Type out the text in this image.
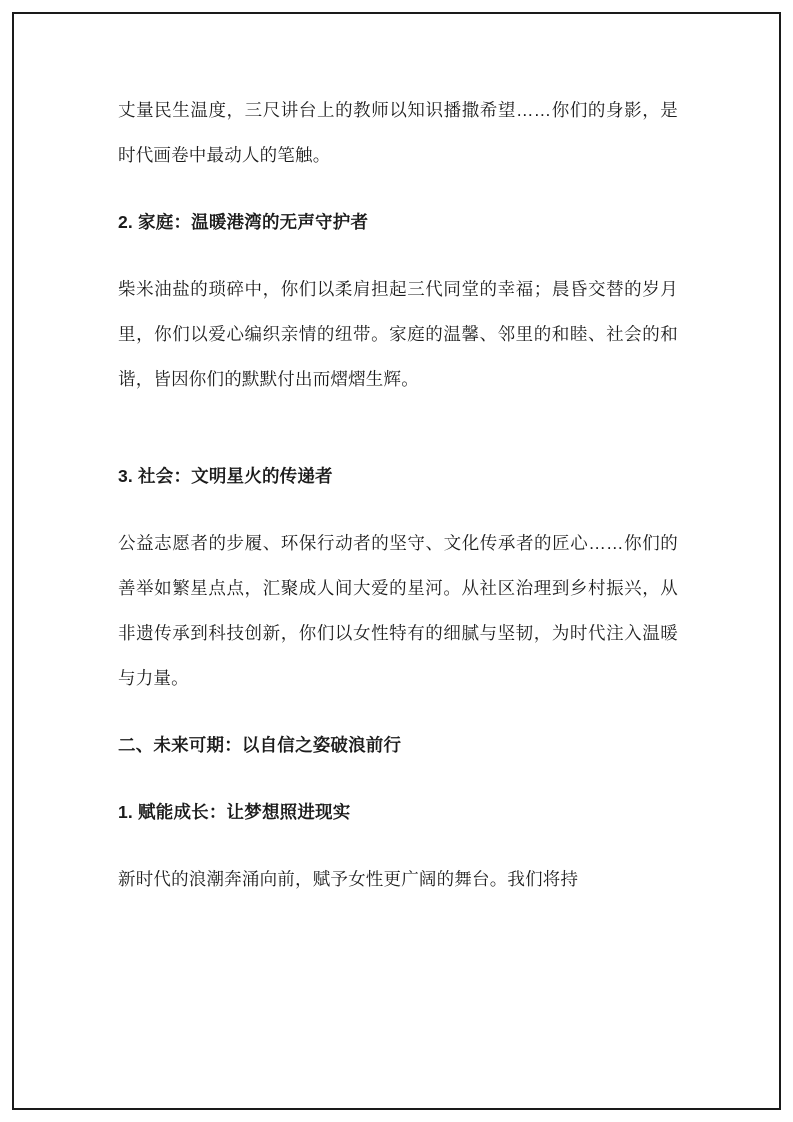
丈量民生温度，三尺讲台上的教师以知识播撒希望……你们的身影，是时代画卷中最动人的笔触。

2. 家庭：温暖港湾的无声守护者

柴米油盐的琐碎中，你们以柔肩担起三代同堂的幸福；晨昏交替的岁月里，你们以爱心编织亲情的纽带。家庭的温馨、邻里的和睦、社会的和谐，皆因你们的默默付出而熠熠生辉。

3. 社会：文明星火的传递者

公益志愿者的步履、环保行动者的坚守、文化传承者的匠心……你们的善举如繁星点点，汇聚成人间大爱的星河。从社区治理到乡村振兴，从非遗传承到科技创新，你们以女性特有的细腻与坚韧，为时代注入温暖与力量。

二、未来可期：以自信之姿破浪前行

1. 赋能成长：让梦想照进现实

新时代的浪潮奔涌向前，赋予女性更广阔的舞台。我们将持
